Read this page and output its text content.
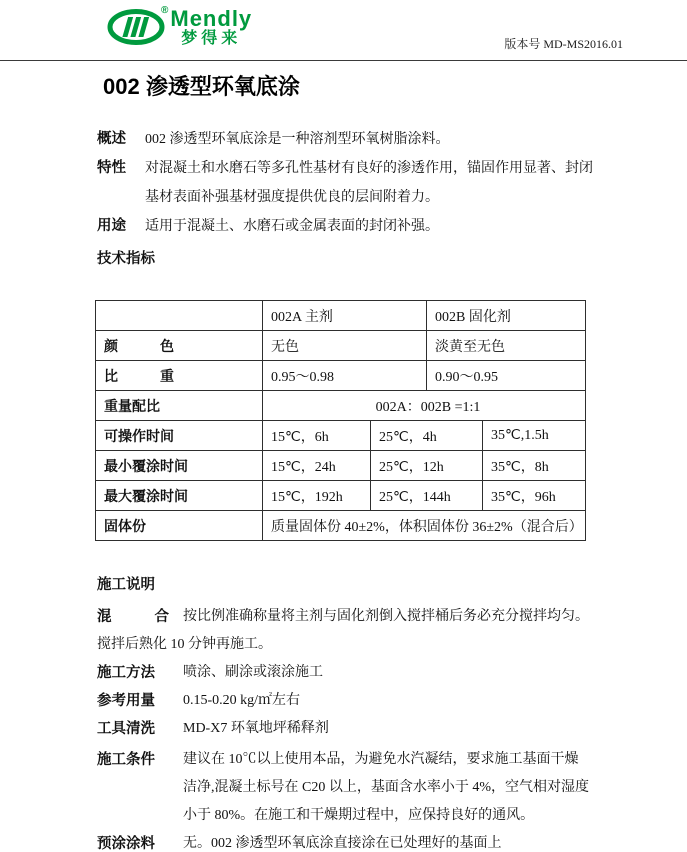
® Mendly
梦得来	版本号 MD-MS2016.01
002 渗透型环氧底涂
概述	002 渗透型环氧底涂是一种溶剂型环氧树脂涂料。
特性	对混凝土和水磨石等多孔性基材有良好的渗透作用，锚固作用显著、封闭
基材表面补强基材强度提供优良的层间附着力。
用途	适用于混凝土、水磨石或金属表面的封闭补强。
技术指标
	002A 主剂		002B 固化剂	
颜色	无色		淡黄至无色	
比重	0.95～0.98		0.90～0.95	
重量配比	002A：002B =1:1			
可操作时间	15℃，6h	25℃，4h		35℃,1.5h
最小覆涂时间	15℃，24h	25℃，12h		35℃，8h
最大覆涂时间	15℃，192h	25℃，144h		35℃，96h
固体份	质量固体份 40±2%，体积固体份 36±2%（混合后）			
施工说明
混合 按比例准确称量将主剂与固化剂倒入搅拌桶后务必充分搅拌均匀。
搅拌后熟化 10 分钟再施工。
施工方法 喷涂、刷涂或滚涂施工
参考用量 0.15-0.20 kg/㎡左右
工具清洗 MD-X7 环氧地坪稀释剂
施工条件 建议在 10℃以上使用本品，为避免水汽凝结，要求施工基面干燥
洁净,混凝土标号在 C20 以上，基面含水率小于 4%，空气相对湿度
小于 80%。在施工和干燥期过程中，应保持良好的通风。
预涂涂料 无。002 渗透型环氧底涂直接涂在已处理好的基面上
